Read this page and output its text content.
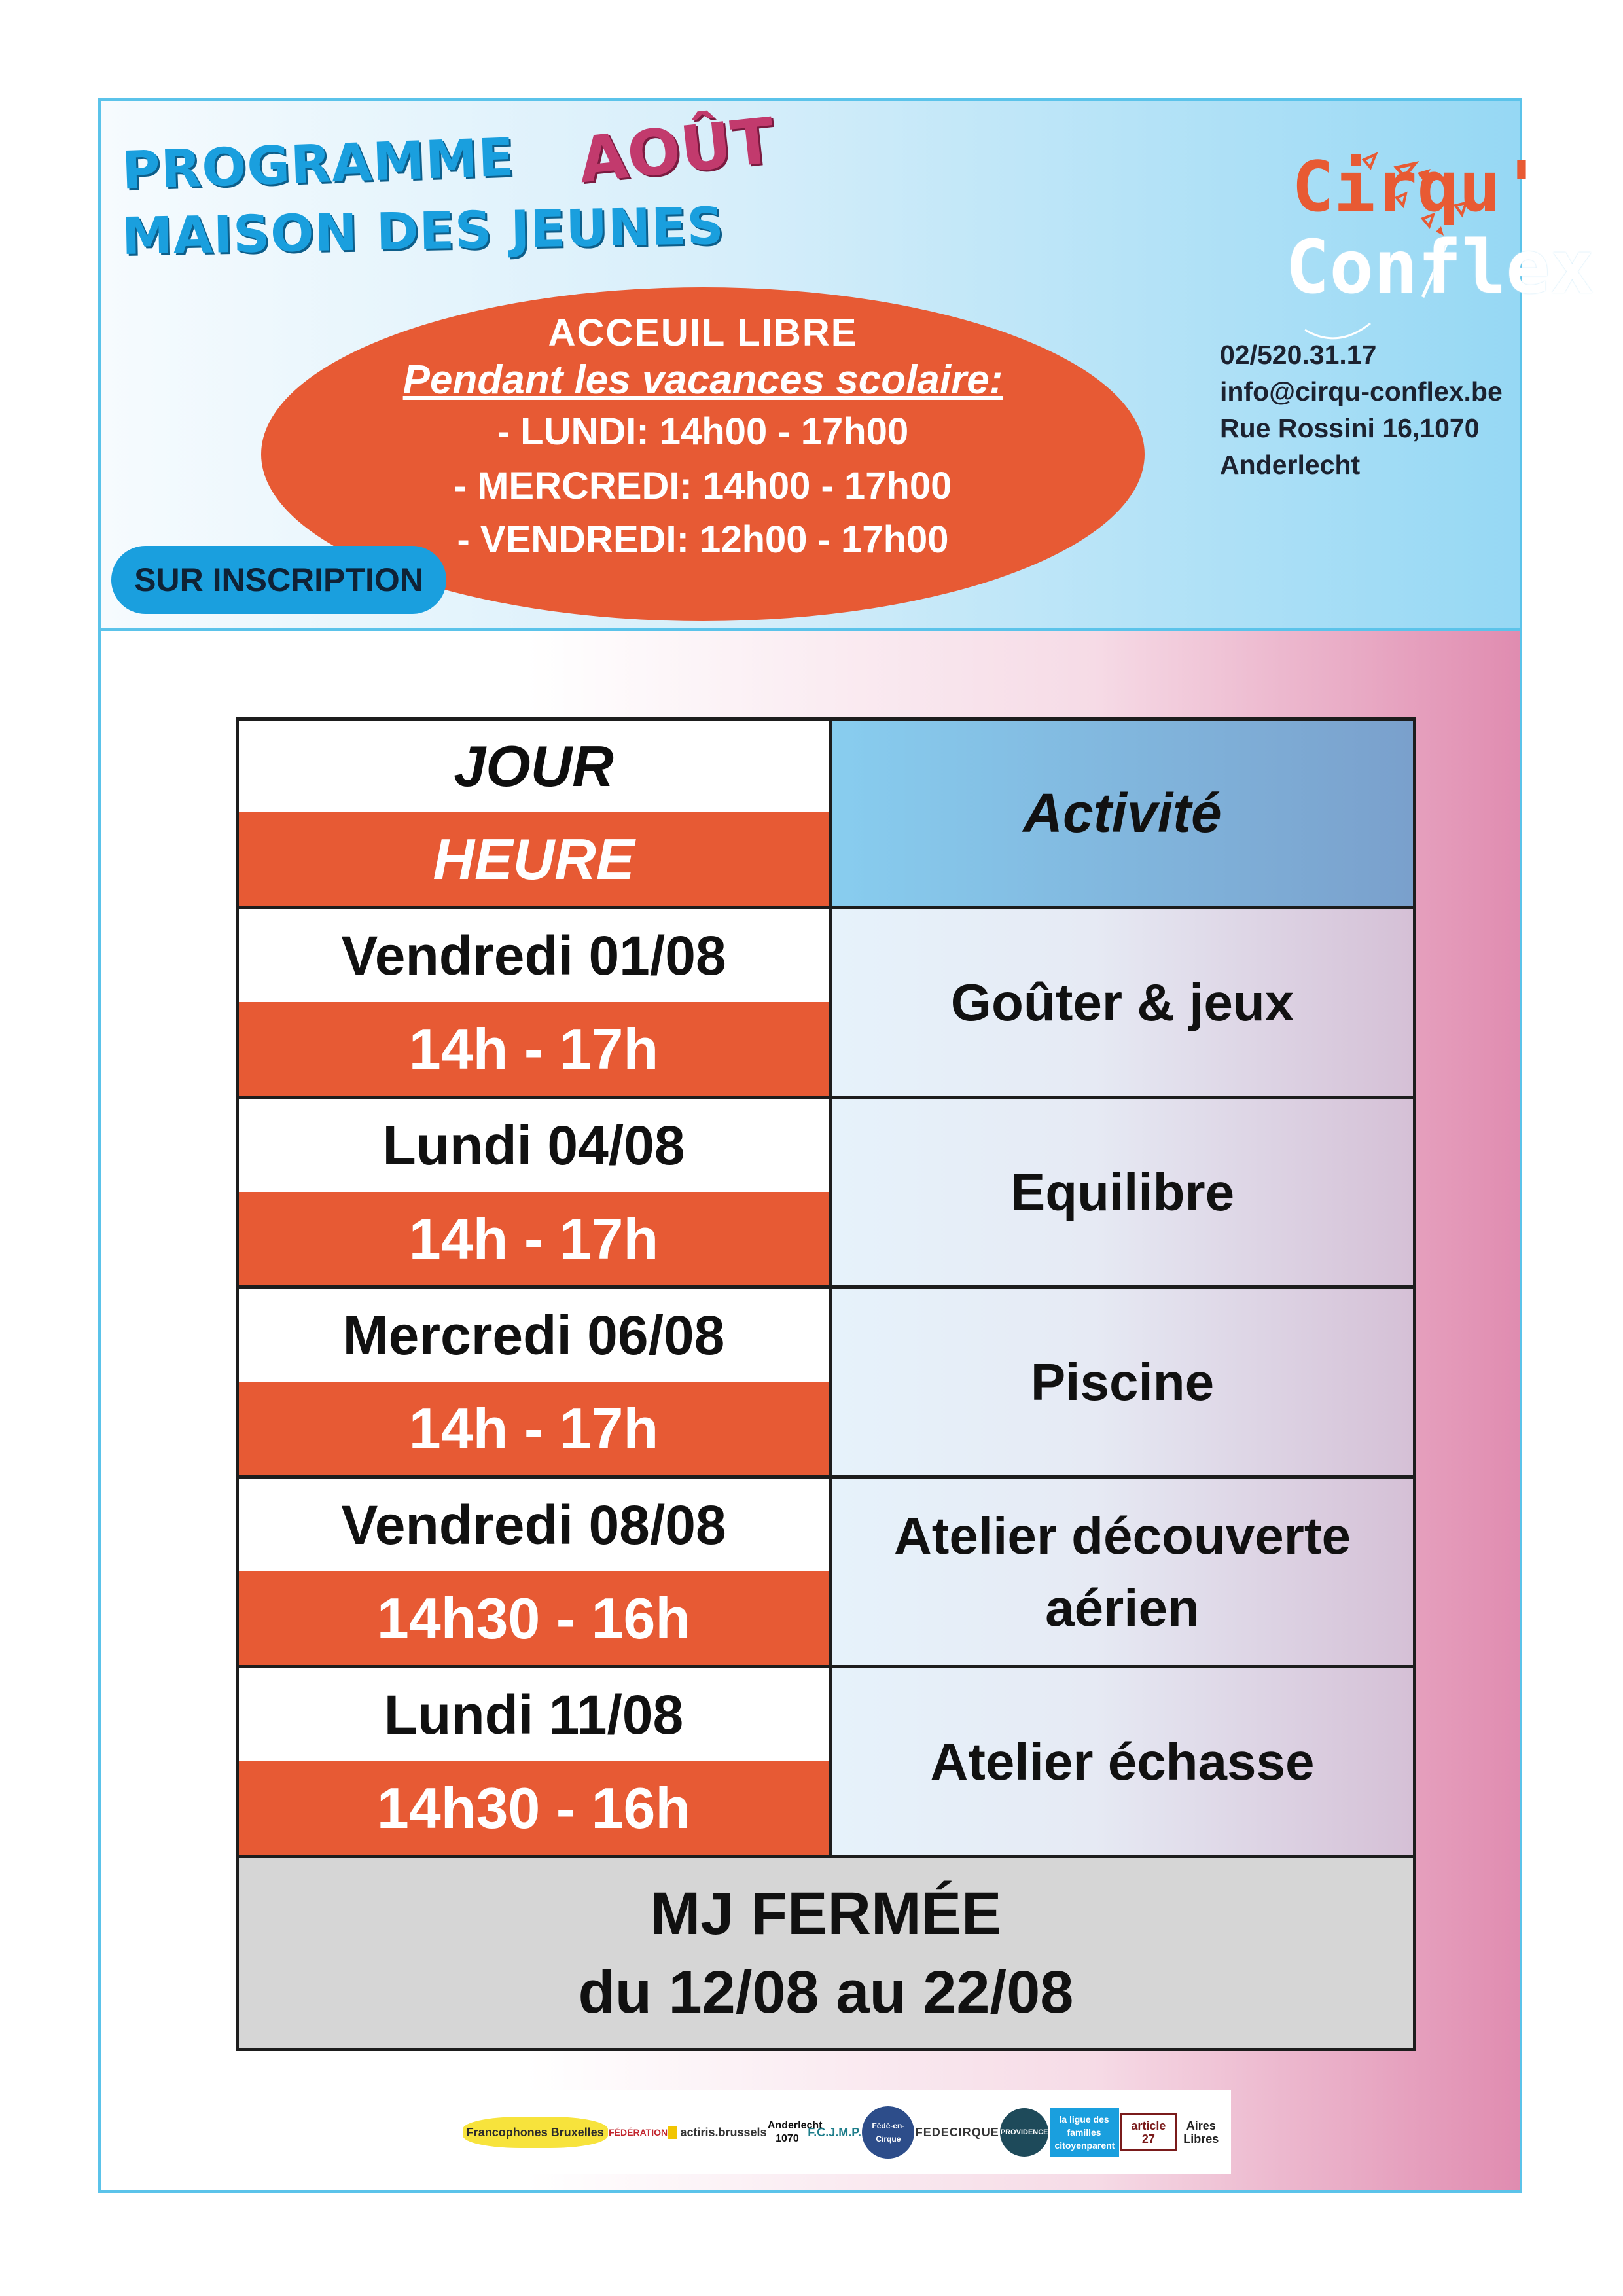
PROGRAMME

MAISON DES JEUNES

AOÛT	Cirqu'

Conflex

02/520.31.17
info@cirqu-conflex.be
Rue Rossini 16,1070
Anderlecht
ACCEUIL LIBRE
Pendant les vacances scolaire:
- LUNDI: 14h00 - 17h00
- MERCREDI: 14h00 - 17h00
- VENDREDI: 12h00 - 17h00
SUR INSCRIPTION
JOUR	Activité
HEURE	
Vendredi 01/08	Goûter & jeux
14h - 17h	
Lundi 04/08	Equilibre
14h - 17h	
Mercredi 06/08	Piscine
14h - 17h	
Vendredi 08/08	Atelier découverte aérien
14h30 - 16h	
Lundi 11/08	Atelier échasse
14h30 - 16h	

MJ FERMÉE
du 12/08 au 22/08	
Francophones Bruxelles FÉDÉRATION	actiris.brussels
Anderlecht 1070 F.C.J.M.P.	Fédé-en-Cirque	FEDECIRQUE PROVIDENCE
la ligue des familles citoyenparent
article 27
Aires Libres
